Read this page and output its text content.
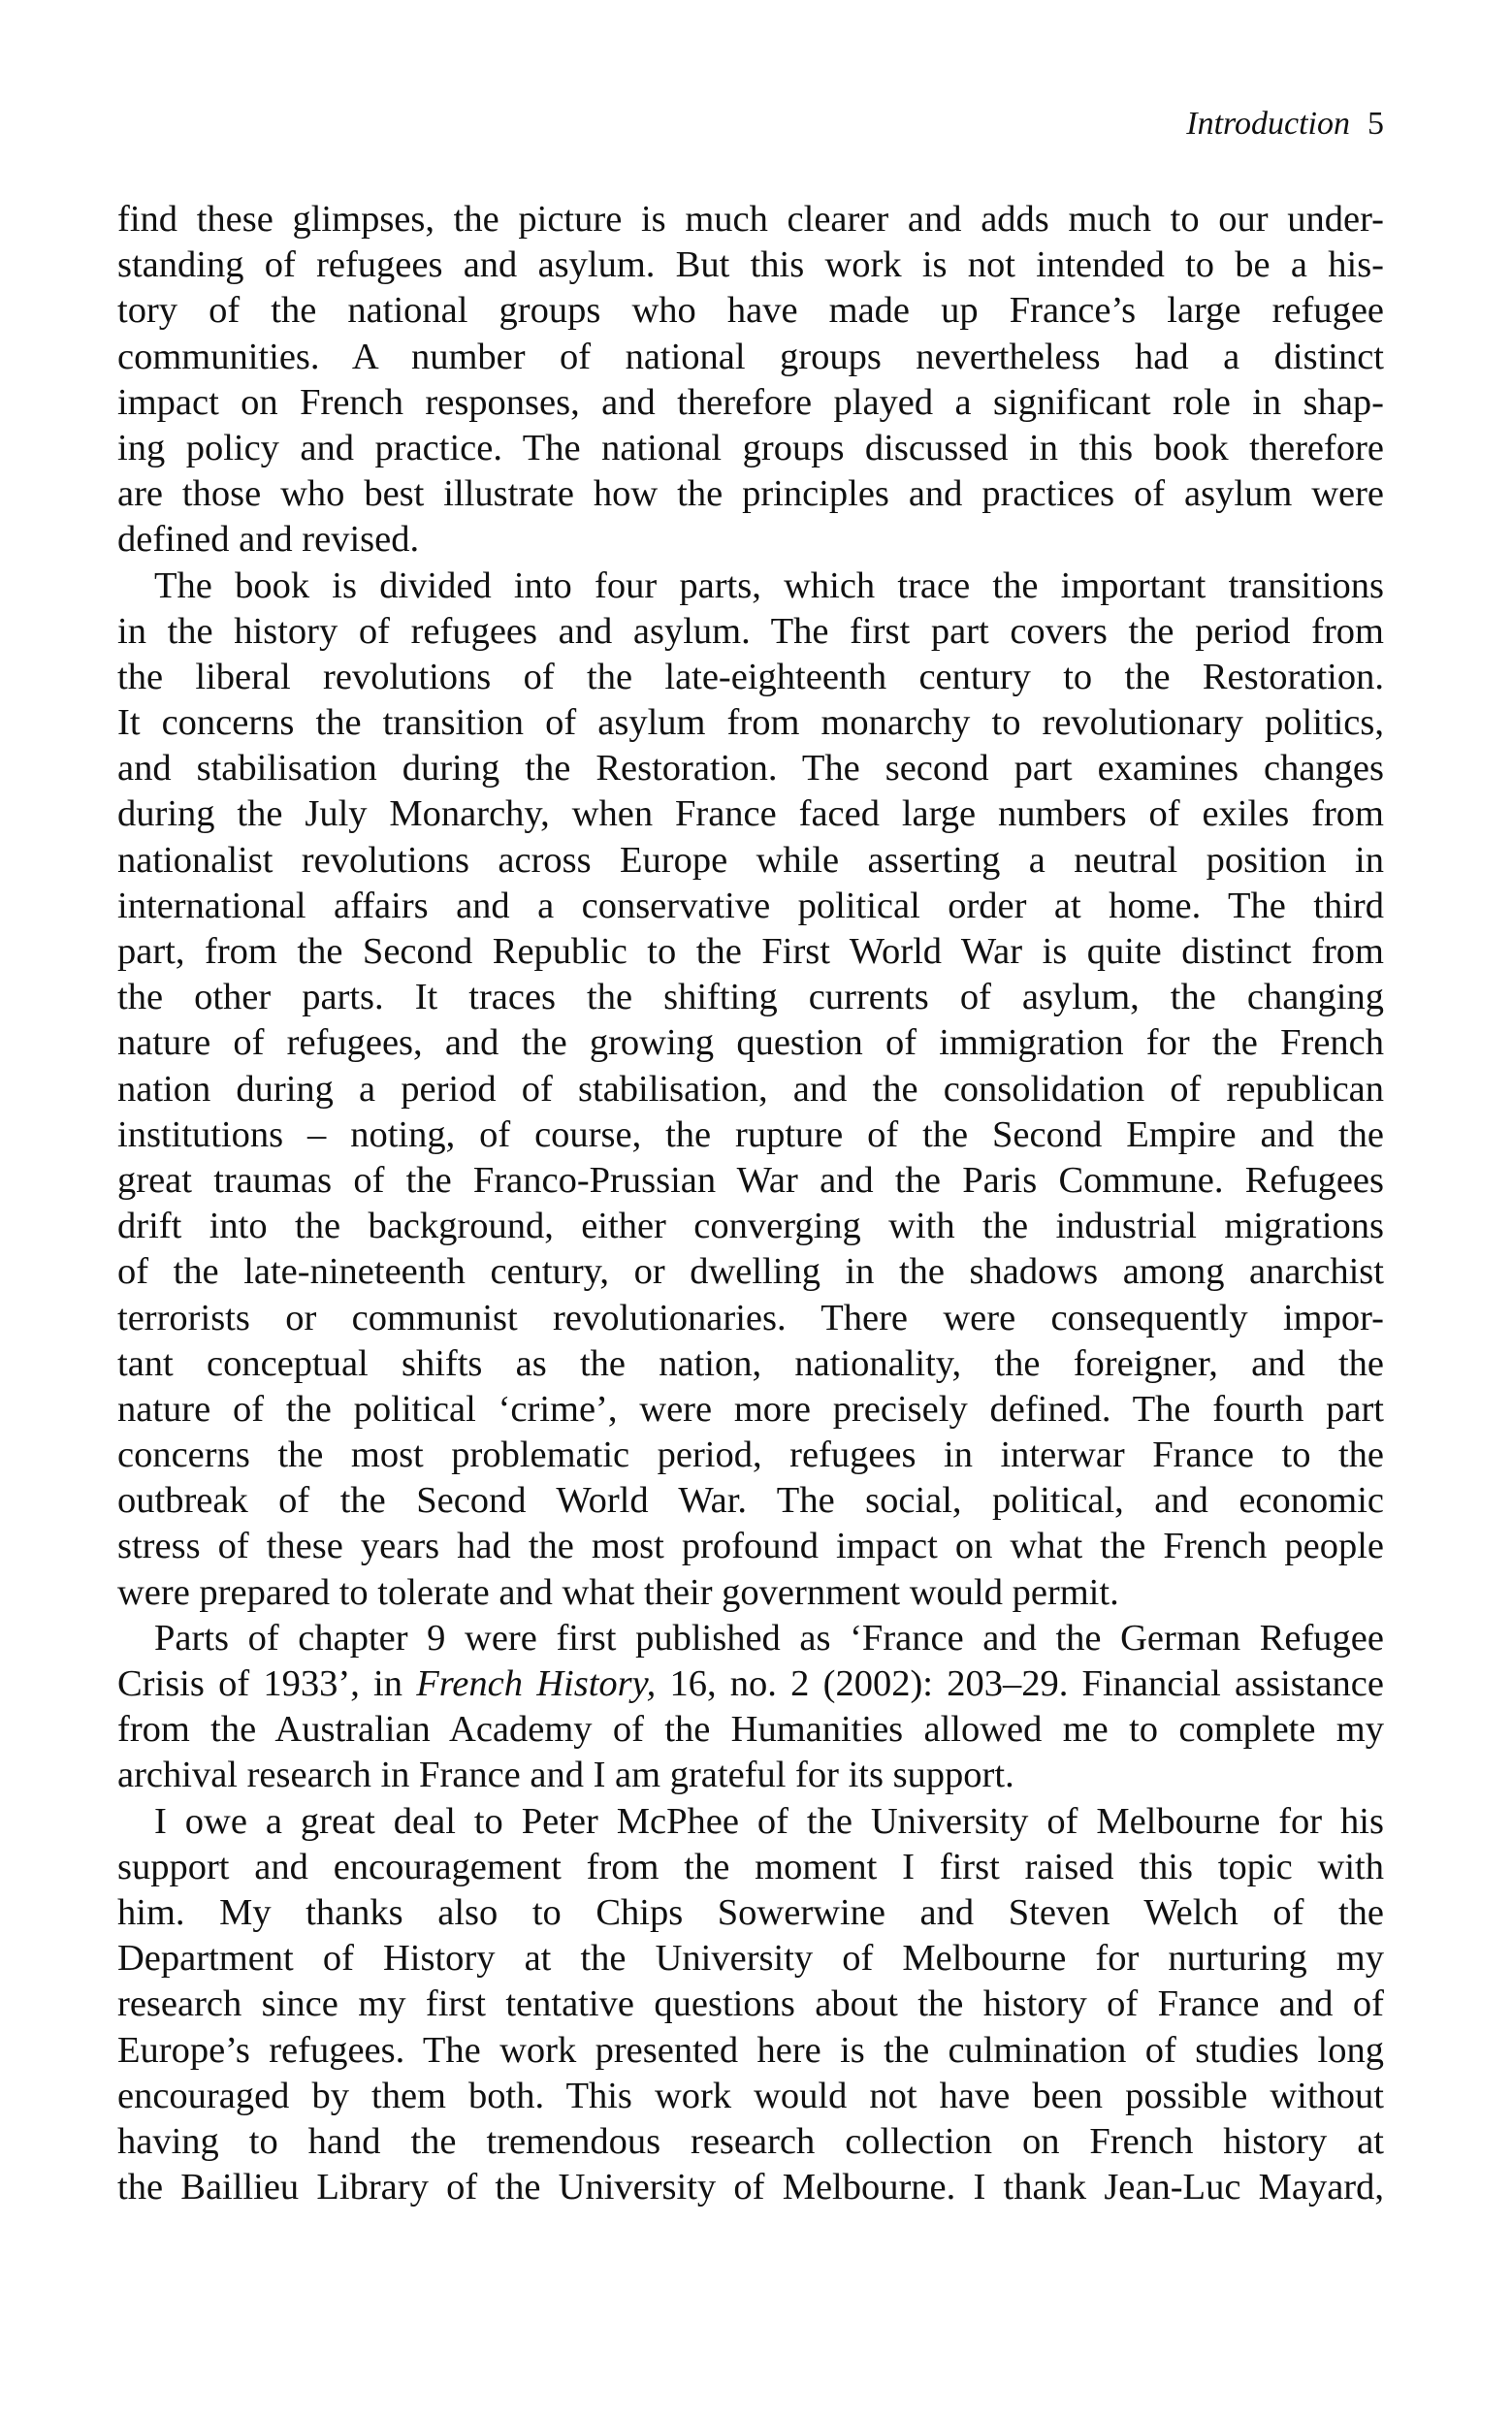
Introduction 5
find these glimpses, the picture is much clearer and adds much to our under-
standing of refugees and asylum. But this work is not intended to be a his-
tory of the national groups who have made up France’s large refugee
communities. A number of national groups nevertheless had a distinct
impact on French responses, and therefore played a significant role in shap-
ing policy and practice. The national groups discussed in this book therefore
are those who best illustrate how the principles and practices of asylum were
defined and revised.
The book is divided into four parts, which trace the important transitions
in the history of refugees and asylum. The first part covers the period from
the liberal revolutions of the late-eighteenth century to the Restoration.
It concerns the transition of asylum from monarchy to revolutionary politics,
and stabilisation during the Restoration. The second part examines changes
during the July Monarchy, when France faced large numbers of exiles from
nationalist revolutions across Europe while asserting a neutral position in
international affairs and a conservative political order at home. The third
part, from the Second Republic to the First World War is quite distinct from
the other parts. It traces the shifting currents of asylum, the changing
nature of refugees, and the growing question of immigration for the French
nation during a period of stabilisation, and the consolidation of republican
institutions – noting, of course, the rupture of the Second Empire and the
great traumas of the Franco-Prussian War and the Paris Commune. Refugees
drift into the background, either converging with the industrial migrations
of the late-nineteenth century, or dwelling in the shadows among anarchist
terrorists or communist revolutionaries. There were consequently impor-
tant conceptual shifts as the nation, nationality, the foreigner, and the
nature of the political ‘crime’, were more precisely defined. The fourth part
concerns the most problematic period, refugees in interwar France to the
outbreak of the Second World War. The social, political, and economic
stress of these years had the most profound impact on what the French people
were prepared to tolerate and what their government would permit.
Parts of chapter 9 were first published as ‘France and the German Refugee
Crisis of 1933’, in French History, 16, no. 2 (2002): 203–29. Financial assistance
from the Australian Academy of the Humanities allowed me to complete my
archival research in France and I am grateful for its support.
I owe a great deal to Peter McPhee of the University of Melbourne for his
support and encouragement from the moment I first raised this topic with
him. My thanks also to Chips Sowerwine and Steven Welch of the
Department of History at the University of Melbourne for nurturing my
research since my first tentative questions about the history of France and of
Europe’s refugees. The work presented here is the culmination of studies long
encouraged by them both. This work would not have been possible without
having to hand the tremendous research collection on French history at
the Baillieu Library of the University of Melbourne. I thank Jean-Luc Mayard,
